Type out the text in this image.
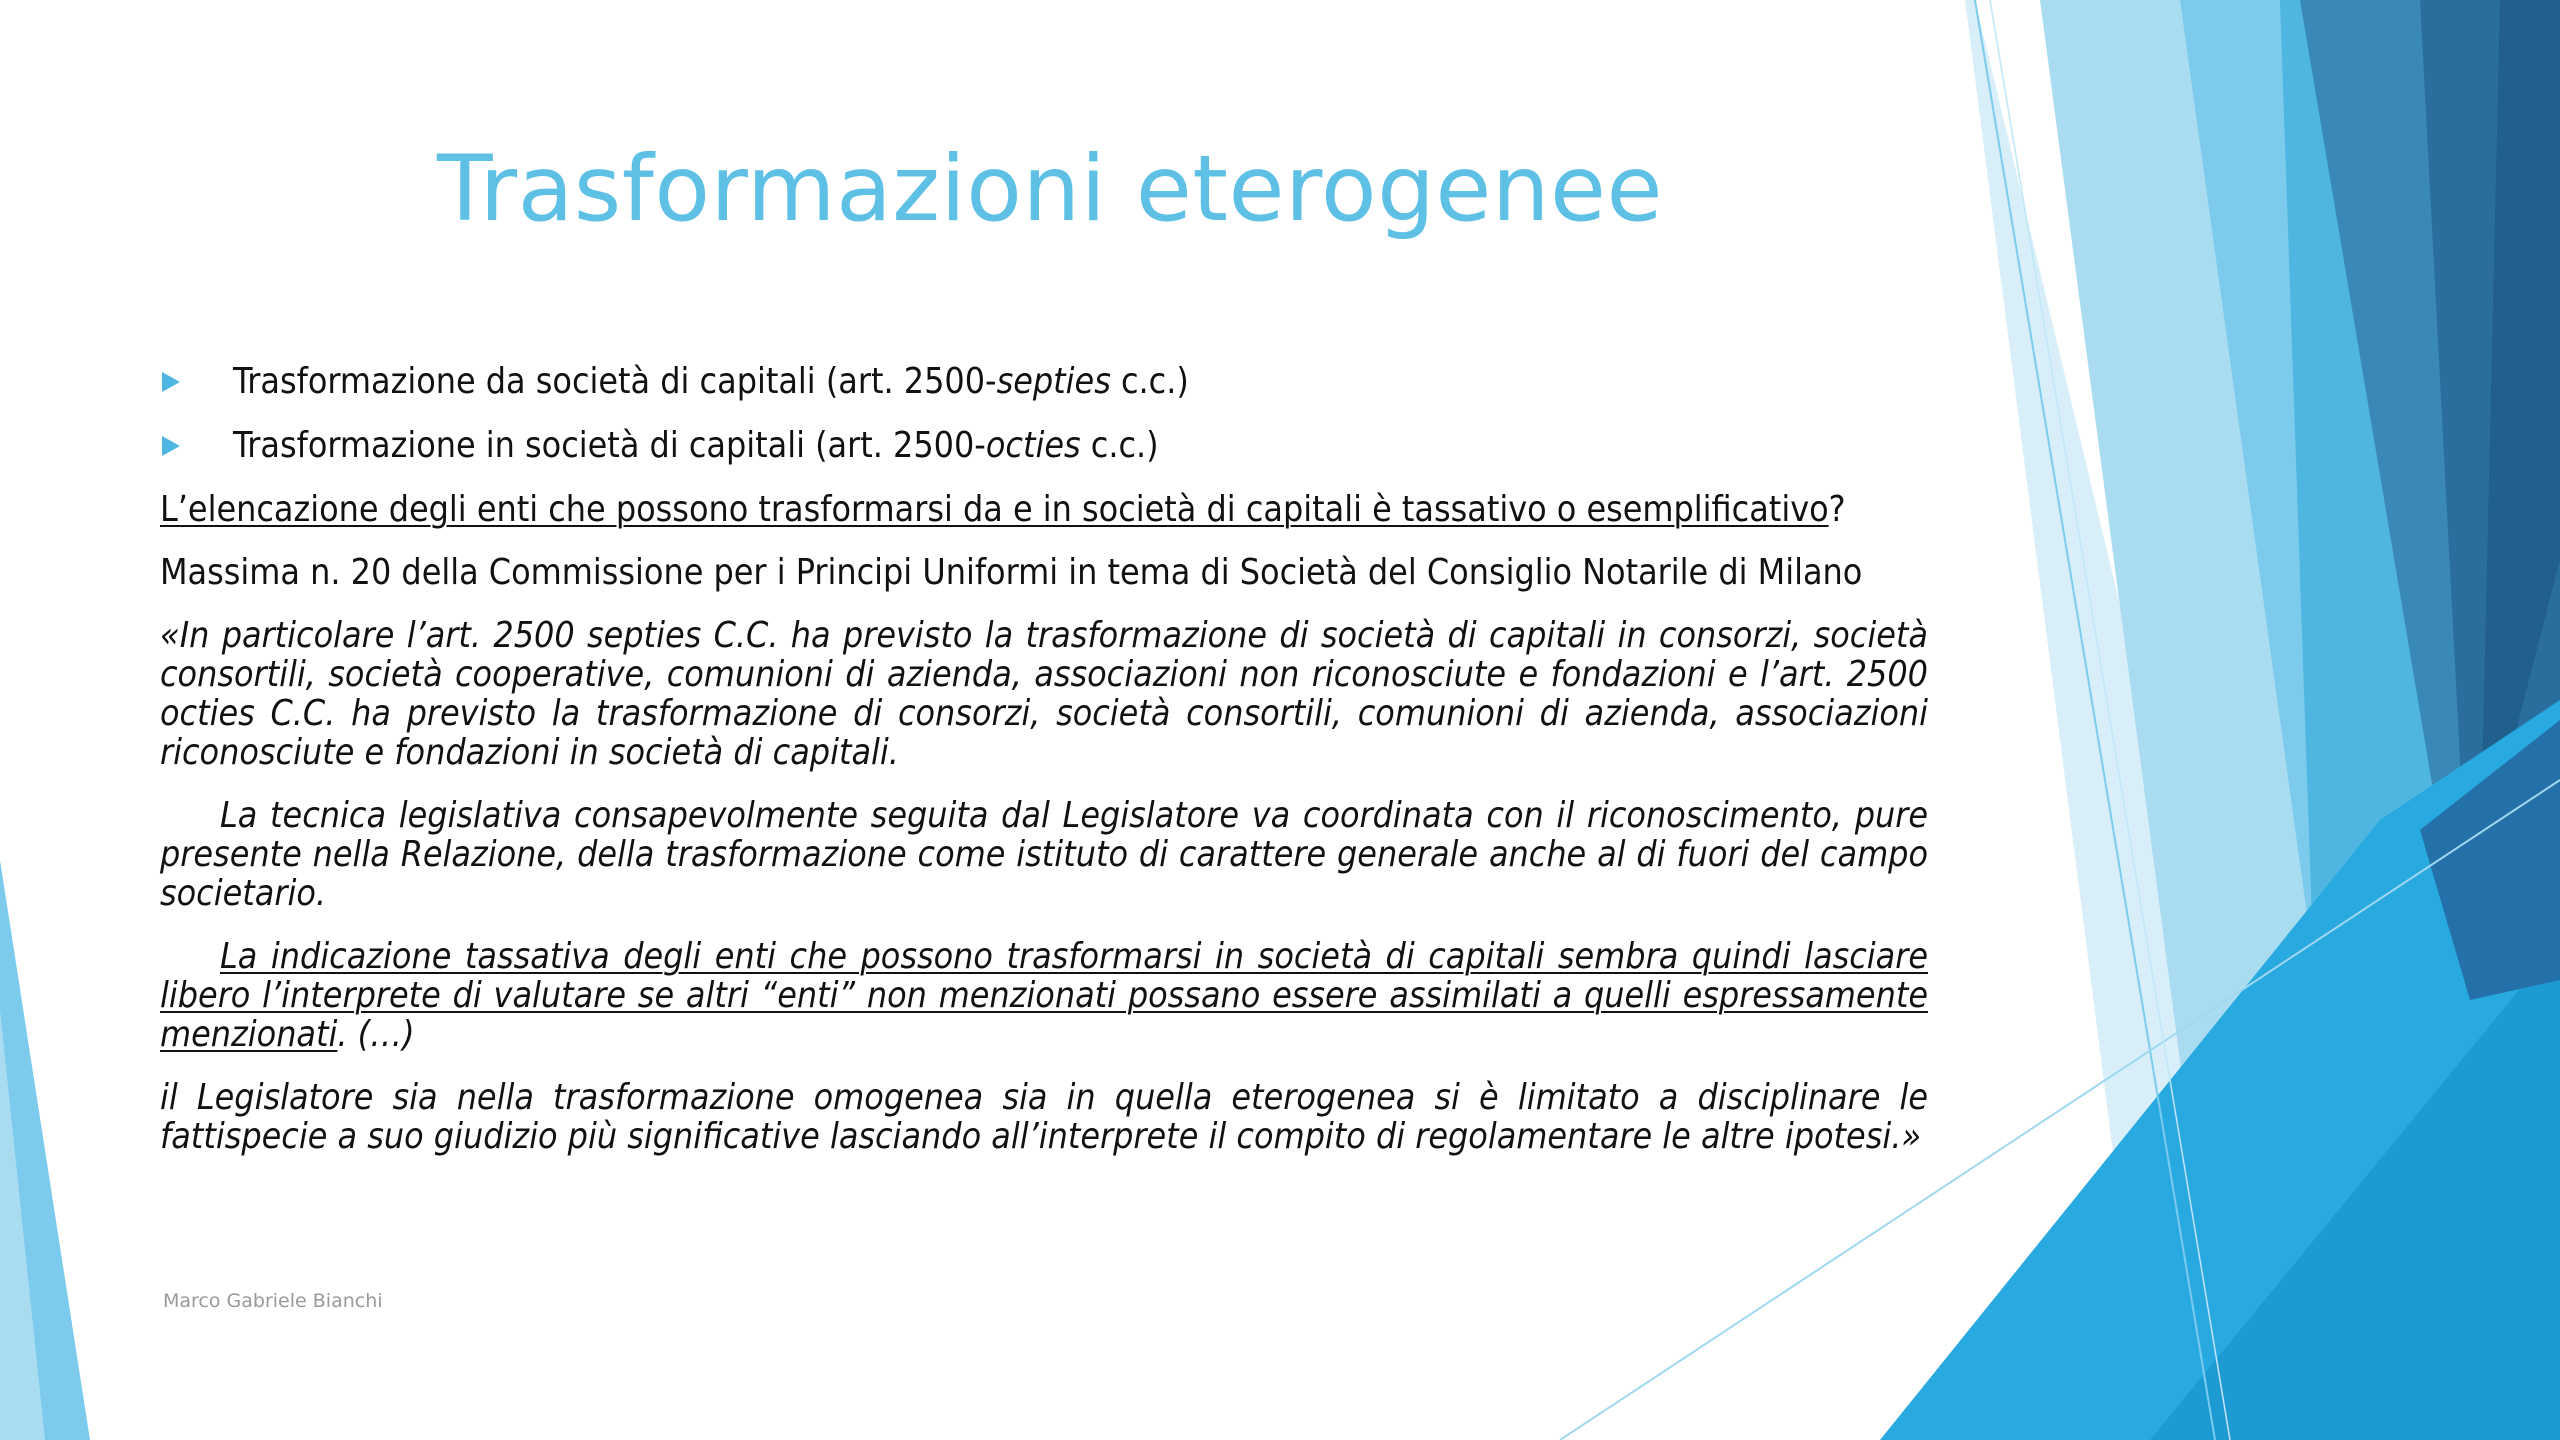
Trasformazioni eterogenee
Trasformazione da società di capitali (art. 2500-septies c.c.)
Trasformazione in società di capitali (art. 2500-octies c.c.)

L’elencazione degli enti che possono trasformarsi da e in società di capitali è tassativo o esemplificativo?

Massima n. 20 della Commissione per i Principi Uniformi in tema di Società del Consiglio Notarile di Milano

«In particolare l’art. 2500 septies C.C. ha previsto la trasformazione di società di capitali in consorzi, società consortili, società cooperative, comunioni di azienda, associazioni non riconosciute e fondazioni e l’art. 2500 octies C.C. ha previsto la trasformazione di consorzi, società consortili, comunioni di azienda, associazioni riconosciute e fondazioni in società di capitali.

La tecnica legislativa consapevolmente seguita dal Legislatore va coordinata con il riconoscimento, pure presente nella Relazione, della trasformazione come istituto di carattere generale anche al di fuori del campo societario.

La indicazione tassativa degli enti che possono trasformarsi in società di capitali sembra quindi lasciare libero l’interprete di valutare se altri “enti” non menzionati possano essere assimilati a quelli espressamente menzionati. (…)

il Legislatore sia nella trasformazione omogenea sia in quella eterogenea si è limitato a disciplinare le fattispecie a suo giudizio più significative lasciando all’interprete il compito di regolamentare le altre ipotesi.»

Marco Gabriele Bianchi
